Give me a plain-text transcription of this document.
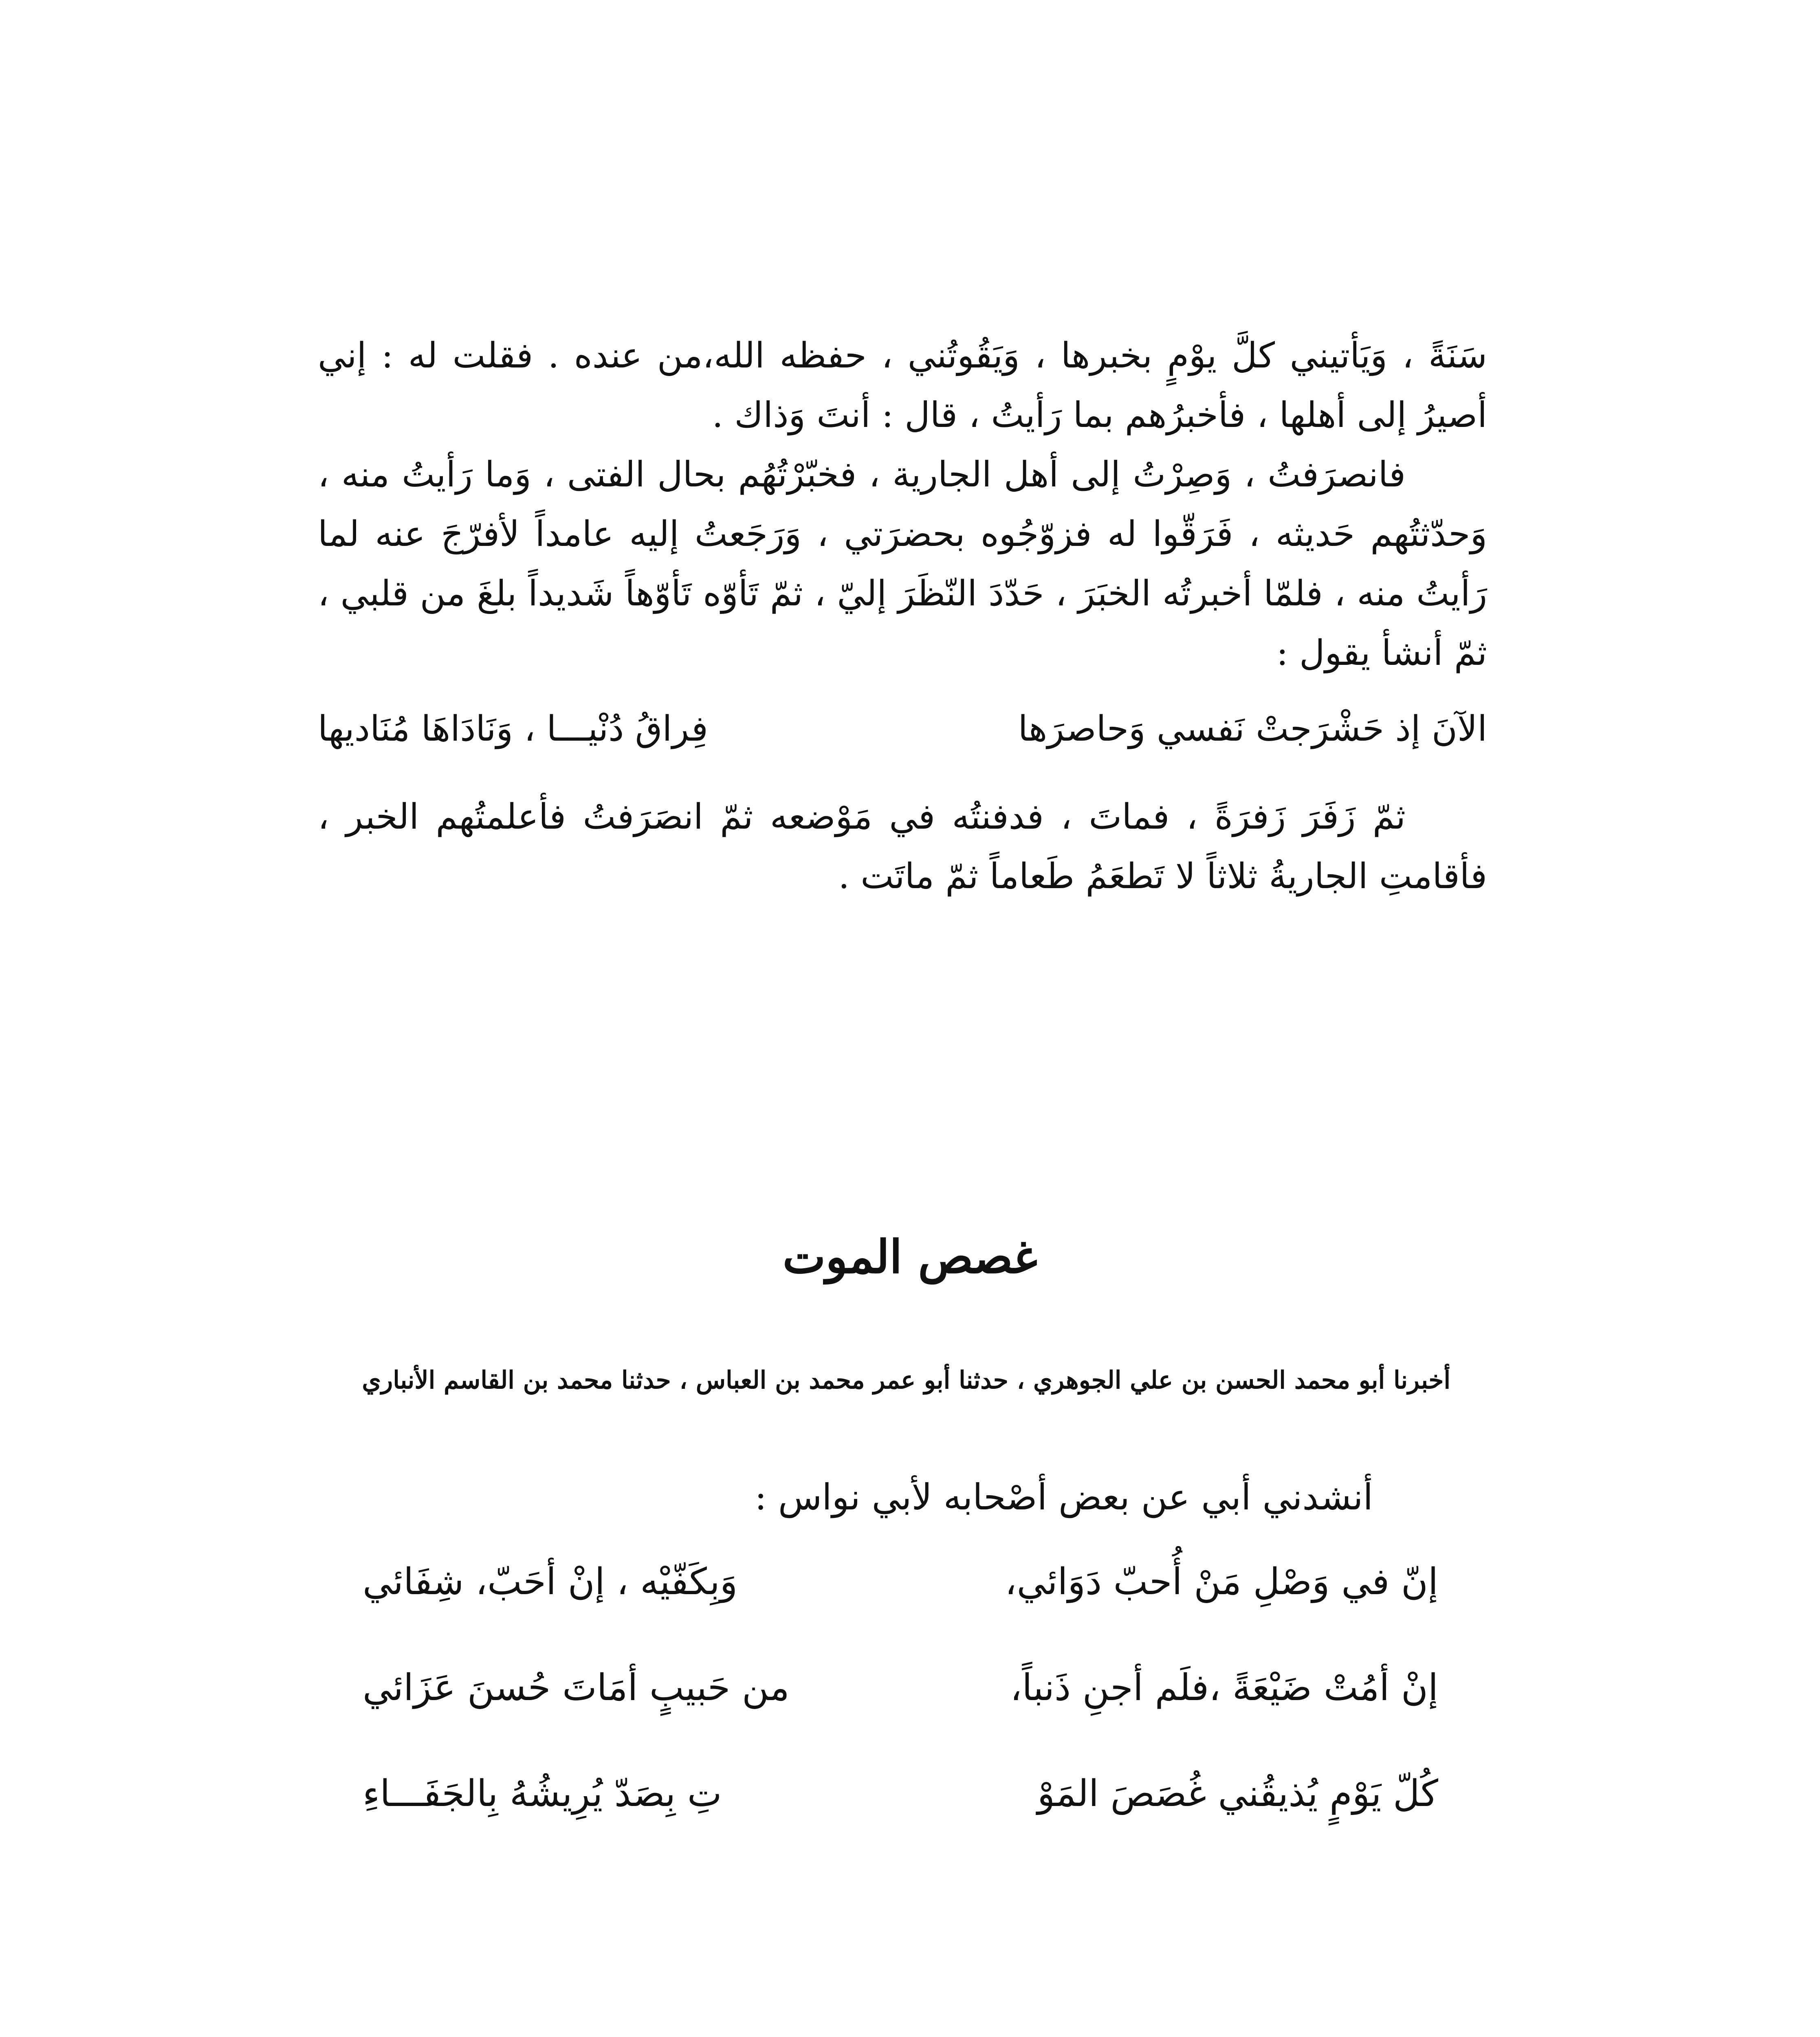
سَنَةً ، وَيَأتيني كلَّ يوْمٍ بخبرها ، وَيَقُوتُني ، حفظه الله،من عنده . فقلت له : إني أصيرُ إلى أهلها ، فأخبرُهم بما رَأيتُ ، قال : أنتَ وَذاك .

فانصرَفتُ ، وَصِرْتُ إلى أهل الجارية ، فخبّرْتُهُم بحال الفتى ، وَما رَأيتُ منه ، وَحدّثتُهم حَديثه ، فَرَقّوا له فزوّجُوه بحضرَتي ، وَرَجَعتُ إليه عامداً لأفرّجَ عنه لما رَأيتُ منه ، فلمّا أخبرتُه الخبَرَ ، حَدّدَ النّظَرَ إليّ ، ثمّ تَأوّه تَأوّهاً شَديداً بلغَ من قلبي ، ثمّ أنشأ يقول :

الآنَ إذ حَشْرَجتْ نَفسي وَحاصرَها
فِراقُ دُنْيـــا ، وَنَادَاهَا مُنَاديها

ثمّ زَفَرَ زَفرَةً ، فماتَ ، فدفنتُه في مَوْضعه ثمّ انصَرَفتُ فأعلمتُهم الخبر ، فأقامتِ الجاريةُ ثلاثاً لا تَطعَمُ طَعاماً ثمّ ماتَت .

غصص الموت
أخبرنا أبو محمد الحسن بن علي الجوهري ، حدثنا أبو عمر محمد بن العباس ، حدثنا محمد بن القاسم الأنباري
أنشدني أبي عن بعض أصْحابه لأبي نواس :
إنّ في وَصْلِ مَنْ أُحبّ دَوَائي،
وَبِكَفّيْه ، إنْ أحَبّ، شِفَائي
إنْ أمُتْ ضَيْعَةً ،فلَم أجنِ ذَنباً،
من حَبيبٍ أمَاتَ حُسنَ عَزَائي
كُلّ يَوْمٍ يُذيقُني غُصَصَ المَوْ
تِ بِصَدّ يُرِيشُهُ بِالجَفَـــاءِ
